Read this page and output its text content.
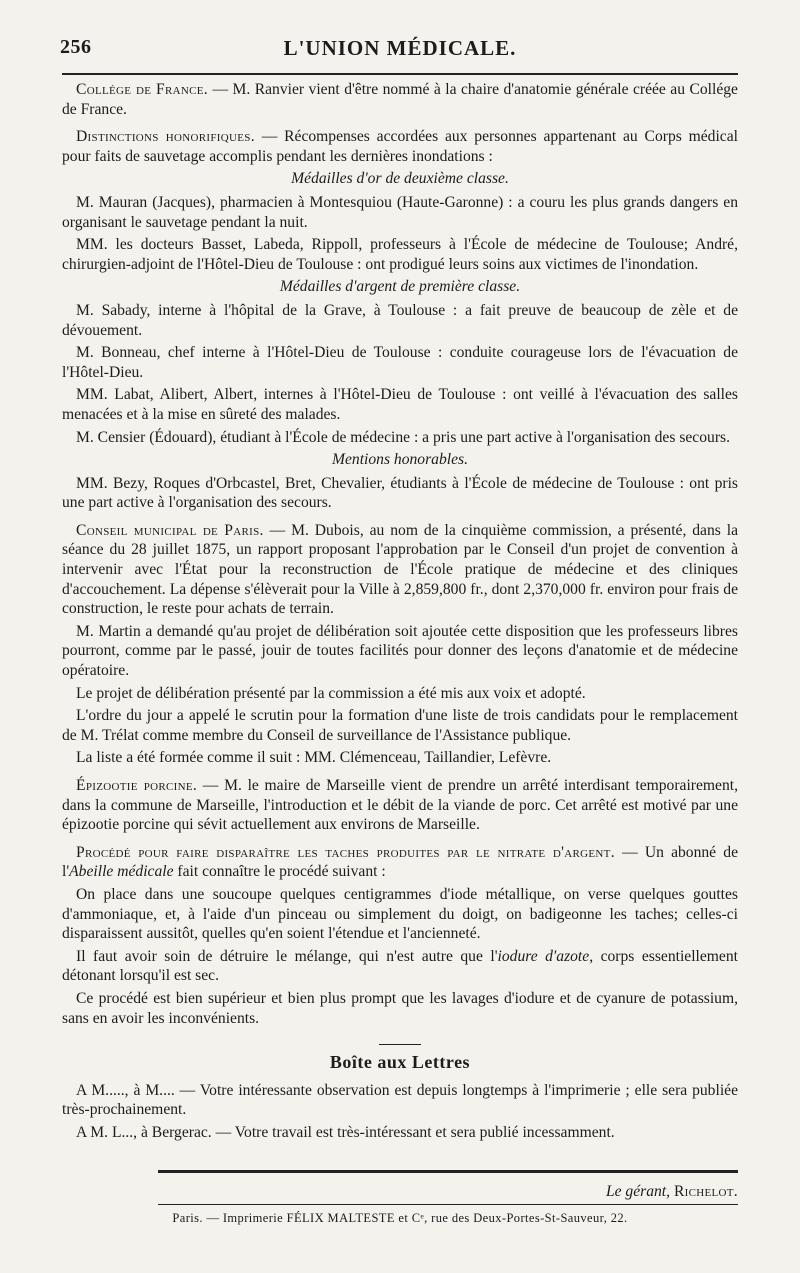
256	L'UNION MÉDICALE.

Collége de France. — M. Ranvier vient d'être nommé à la chaire d'anatomie générale créée au Collége de France.

Distinctions honorifiques. — Récompenses accordées aux personnes appartenant au Corps médical pour faits de sauvetage accomplis pendant les dernières inondations :

Médailles d'or de deuxième classe.

M. Mauran (Jacques), pharmacien à Montesquiou (Haute-Garonne) : a couru les plus grands dangers en organisant le sauvetage pendant la nuit.

MM. les docteurs Basset, Labeda, Rippoll, professeurs à l'École de médecine de Toulouse; André, chirurgien-adjoint de l'Hôtel-Dieu de Toulouse : ont prodigué leurs soins aux victimes de l'inondation.

Médailles d'argent de première classe.

M. Sabady, interne à l'hôpital de la Grave, à Toulouse : a fait preuve de beaucoup de zèle et de dévouement.

M. Bonneau, chef interne à l'Hôtel-Dieu de Toulouse : conduite courageuse lors de l'évacuation de l'Hôtel-Dieu.

MM. Labat, Alibert, Albert, internes à l'Hôtel-Dieu de Toulouse : ont veillé à l'évacuation des salles menacées et à la mise en sûreté des malades.

M. Censier (Édouard), étudiant à l'École de médecine : a pris une part active à l'organisation des secours.

Mentions honorables.

MM. Bezy, Roques d'Orbcastel, Bret, Chevalier, étudiants à l'École de médecine de Toulouse : ont pris une part active à l'organisation des secours.

Conseil municipal de Paris. — M. Dubois, au nom de la cinquième commission, a présenté, dans la séance du 28 juillet 1875, un rapport proposant l'approbation par le Conseil d'un projet de convention à intervenir avec l'État pour la reconstruction de l'École pratique de médecine et des cliniques d'accouchement. La dépense s'élèverait pour la Ville à 2,859,800 fr., dont 2,370,000 fr. environ pour frais de construction, le reste pour achats de terrain.

M. Martin a demandé qu'au projet de délibération soit ajoutée cette disposition que les professeurs libres pourront, comme par le passé, jouir de toutes facilités pour donner des leçons d'anatomie et de médecine opératoire.

Le projet de délibération présenté par la commission a été mis aux voix et adopté.

L'ordre du jour a appelé le scrutin pour la formation d'une liste de trois candidats pour le remplacement de M. Trélat comme membre du Conseil de surveillance de l'Assistance publique.

La liste a été formée comme il suit : MM. Clémenceau, Taillandier, Lefèvre.

Épizootie porcine. — M. le maire de Marseille vient de prendre un arrêté interdisant temporairement, dans la commune de Marseille, l'introduction et le débit de la viande de porc. Cet arrêté est motivé par une épizootie porcine qui sévit actuellement aux environs de Marseille.

Procédé pour faire disparaître les taches produites par le nitrate d'argent. — Un abonné de l'Abeille médicale fait connaître le procédé suivant :

On place dans une soucoupe quelques centigrammes d'iode métallique, on verse quelques gouttes d'ammoniaque, et, à l'aide d'un pinceau ou simplement du doigt, on badigeonne les taches; celles-ci disparaissent aussitôt, quelles qu'en soient l'étendue et l'ancienneté.

Il faut avoir soin de détruire le mélange, qui n'est autre que l'iodure d'azote, corps essentiellement détonant lorsqu'il est sec.

Ce procédé est bien supérieur et bien plus prompt que les lavages d'iodure et de cyanure de potassium, sans en avoir les inconvénients.

Boîte aux Lettres

A M....., à M.... — Votre intéressante observation est depuis longtemps à l'imprimerie ; elle sera publiée très-prochainement.

A M. L..., à Bergerac. — Votre travail est très-intéressant et sera publié incessamment.

Le gérant, Richelot.
Paris. — Imprimerie FÉLIX MALTESTE et Cᵉ, rue des Deux-Portes-St-Sauveur, 22.
